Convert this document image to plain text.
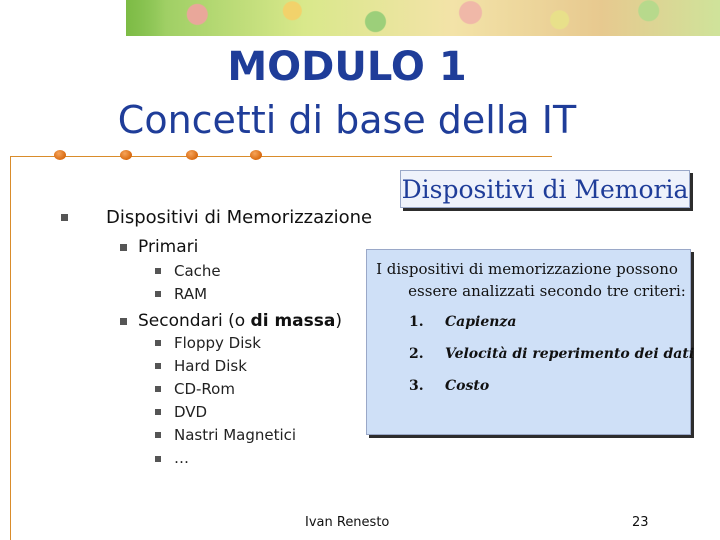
MODULO 1
Concetti di base della IT
Dispositivi di Memoria
Dispositivi di Memorizzazione
Primari
Cache
RAM
Secondari (o di massa)
Floppy Disk
Hard Disk
CD-Rom
DVD
Nastri Magnetici
…
I dispositivi di memorizzazione possono
essere analizzati secondo tre criteri:
1. Capienza
2. Velocità di reperimento dei dati
3. Costo
Ivan Renesto	23
